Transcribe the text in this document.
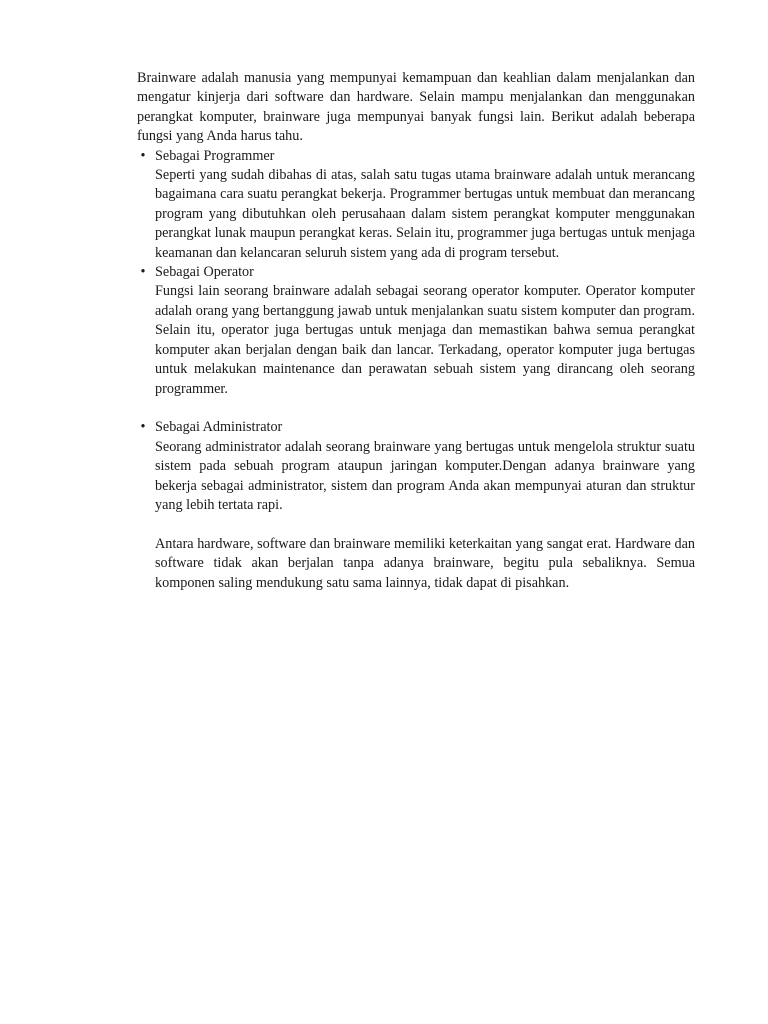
Brainware adalah manusia yang mempunyai kemampuan dan keahlian dalam menjalankan dan mengatur kinjerja dari software dan hardware. Selain mampu menjalankan dan menggunakan perangkat komputer, brainware juga mempunyai banyak fungsi lain. Berikut adalah beberapa fungsi yang Anda harus tahu.

• Sebagai Programmer

Seperti yang sudah dibahas di atas, salah satu tugas utama brainware adalah untuk merancang bagaimana cara suatu perangkat bekerja. Programmer bertugas untuk membuat dan merancang program yang dibutuhkan oleh perusahaan dalam sistem perangkat komputer menggunakan perangkat lunak maupun perangkat keras. Selain itu, programmer juga bertugas untuk menjaga keamanan dan kelancaran seluruh sistem yang ada di program tersebut.

• Sebagai Operator

Fungsi lain seorang brainware adalah sebagai seorang operator komputer. Operator komputer adalah orang yang bertanggung jawab untuk menjalankan suatu sistem komputer dan program. Selain itu, operator juga bertugas untuk menjaga dan memastikan bahwa semua perangkat komputer akan berjalan dengan baik dan lancar. Terkadang, operator komputer juga bertugas untuk melakukan maintenance dan perawatan sebuah sistem yang dirancang oleh seorang programmer.

• Sebagai Administrator

Seorang administrator adalah seorang brainware yang bertugas untuk mengelola struktur suatu sistem pada sebuah program ataupun jaringan komputer.Dengan adanya brainware yang bekerja sebagai administrator, sistem dan program Anda akan mempunyai aturan dan struktur yang lebih tertata rapi.

Antara hardware, software dan brainware memiliki keterkaitan yang sangat erat. Hardware dan software tidak akan berjalan tanpa adanya brainware, begitu pula sebaliknya. Semua komponen saling mendukung satu sama lainnya, tidak dapat di pisahkan.
